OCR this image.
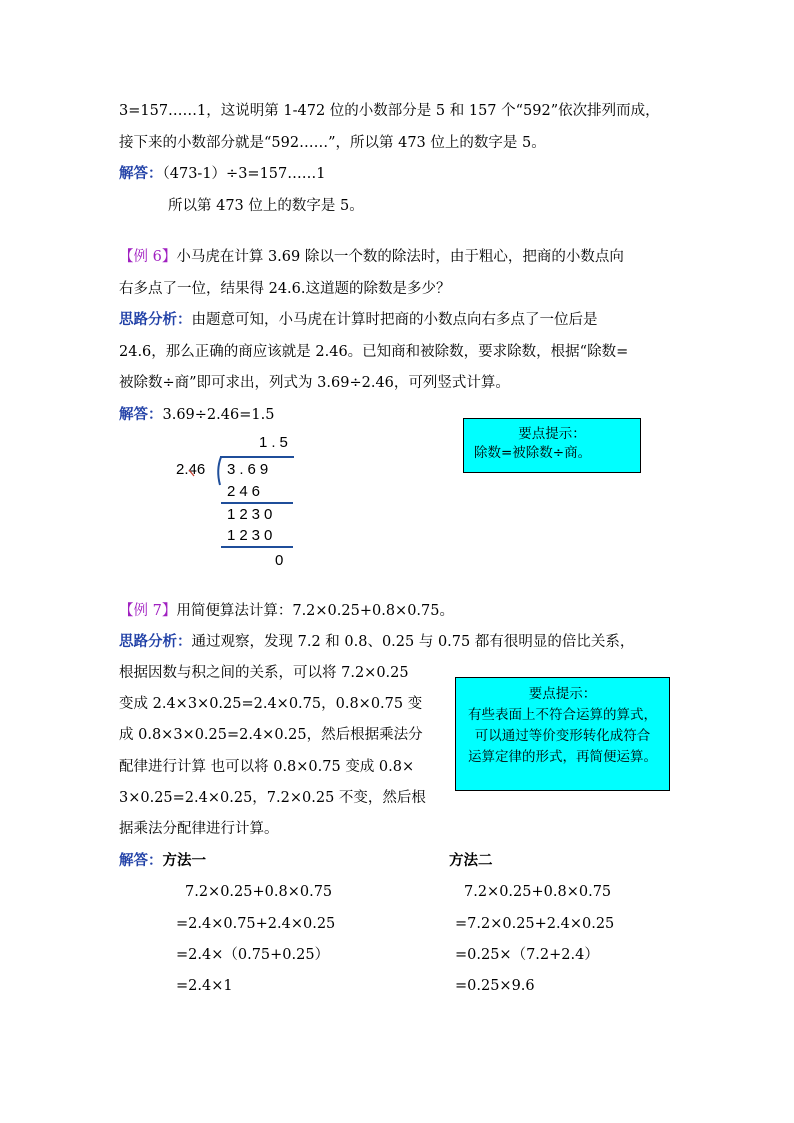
3=157……1，这说明第 1-472 位的小数部分是 5 和 157 个“592”依次排列而成，
接下来的小数部分就是“592……”，所以第 473 位上的数字是 5。
解答：（473-1）÷3=157……1
所以第 473 位上的数字是 5。
【例 6】小马虎在计算 3.69 除以一个数的除法时，由于粗心，把商的小数点向
右多点了一位，结果得 24.6.这道题的除数是多少？
思路分析：由题意可知，小马虎在计算时把商的小数点向右多点了一位后是
24.6，那么正确的商应该就是 2.46。已知商和被除数，要求除数，根据“除数=
被除数÷商”即可求出，列式为 3.69÷2.46，可列竖式计算。
解答：3.69÷2.46=1.5
1.5
2.46 3.69
246
1230
1230
0
要点提示：
除数=被除数÷商。
【例 7】用简便算法计算：7.2×0.25+0.8×0.75。
思路分析：通过观察，发现 7.2 和 0.8、0.25 与 0.75 都有很明显的倍比关系，
根据因数与积之间的关系，可以将 7.2×0.25
变成 2.4×3×0.25=2.4×0.75，0.8×0.75 变
成 0.8×3×0.25=2.4×0.25，然后根据乘法分
配律进行计算 也可以将 0.8×0.75 变成 0.8×
3×0.25=2.4×0.25，7.2×0.25 不变，然后根
据乘法分配律进行计算。
要点提示：
有些表面上不符合运算的算式，
可以通过等价变形转化成符合
运算定律的形式，再简便运算。
解答：方法一	方法二
7.2×0.25+0.8×0.75
=2.4×0.75+2.4×0.25
=2.4×（0.75+0.25）
=2.4×1
7.2×0.25+0.8×0.75
=7.2×0.25+2.4×0.25
=0.25×（7.2+2.4）
=0.25×9.6
